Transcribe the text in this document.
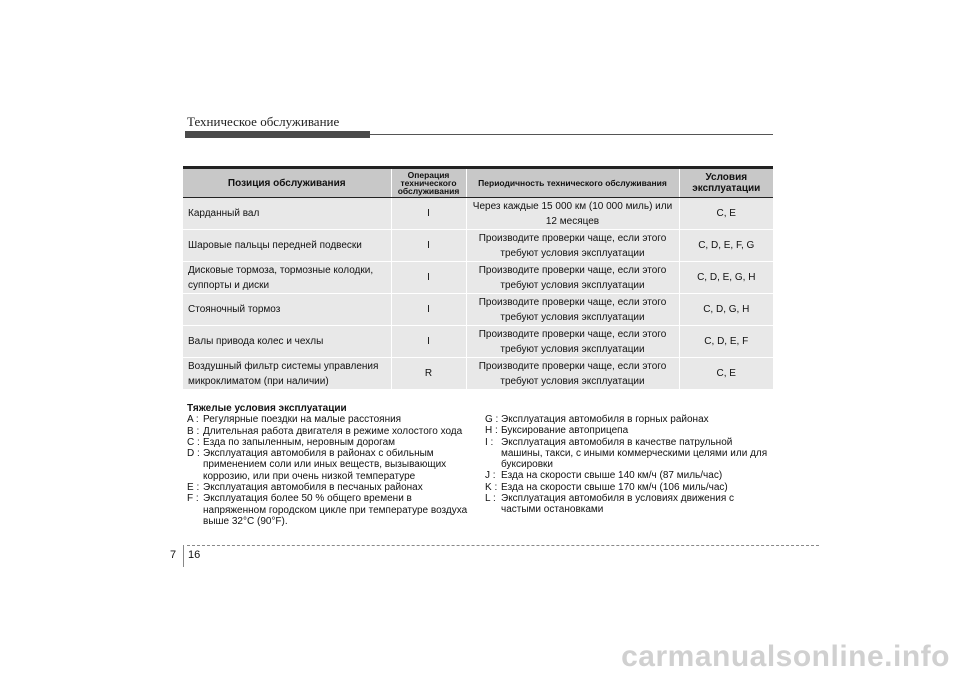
Техническое обслуживание
Позиция обслуживания	Операция технического обслуживания	Периодичность технического обслуживания	Условия эксплуатации
Карданный вал	I	Через каждые 15 000 км (10 000 миль) или 12 месяцев	C, E
Шаровые пальцы передней подвески	I	Производите проверки чаще, если этого требуют условия эксплуатации	C, D, E, F, G
Дисковые тормоза, тормозные колодки, суппорты и диски	I	Производите проверки чаще, если этого требуют условия эксплуатации	C, D, E, G, H
Стояночный тормоз	I	Производите проверки чаще, если этого требуют условия эксплуатации	C, D, G, H
Валы привода колес и чехлы	I	Производите проверки чаще, если этого требуют условия эксплуатации	C, D, E, F
Воздушный фильтр системы управления микроклиматом (при наличии)	R	Производите проверки чаще, если этого требуют условия эксплуатации	C, E
Тяжелые условия эксплуатации
A : Регулярные поездки на малые расстояния
B : Длительная работа двигателя в режиме холостого хода
C : Езда по запыленным, неровным дорогам
D : Эксплуатация автомобиля в районах с обильным применением соли или иных веществ, вызывающих коррозию, или при очень низкой температуре
E : Эксплуатация автомобиля в песчаных районах
F : Эксплуатация более 50 % общего времени в напряженном городском цикле при температуре воздуха выше 32°C (90°F).
G : Эксплуатация автомобиля в горных районах
H : Буксирование автоприцепа
I : Эксплуатация автомобиля в качестве патрульной машины, такси, с иными коммерческими целями или для буксировки
J : Езда на скорости свыше 140 км/ч (87 миль/час)
K : Езда на скорости свыше 170 км/ч (106 миль/час)
L : Эксплуатация автомобиля в условиях движения с частыми остановками
7 16
carmanualsonline.info
